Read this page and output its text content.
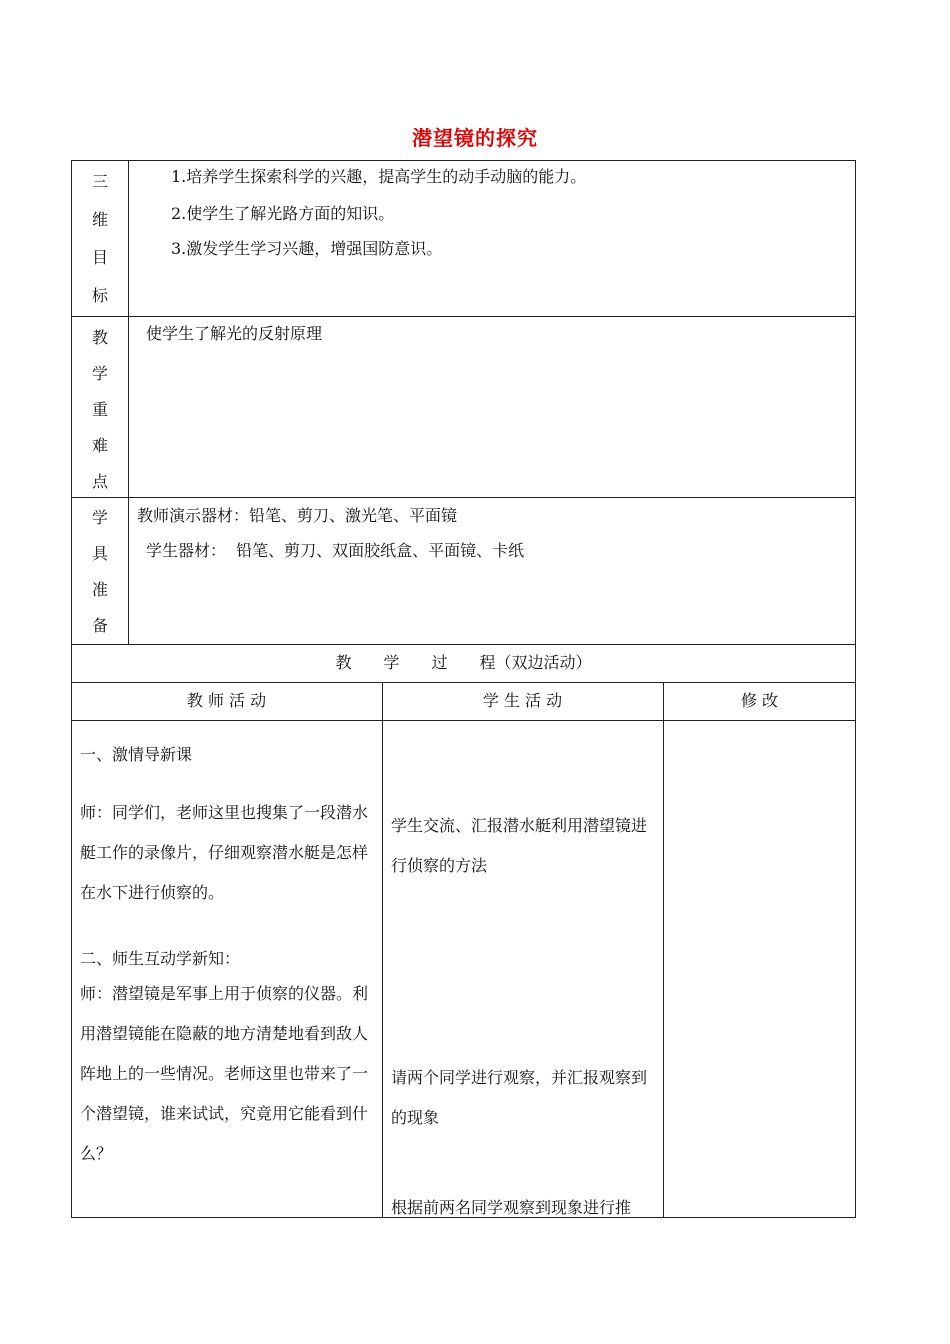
潜望镜的探究
三
维
目
标
1.培养学生探索科学的兴趣，提高学生的动手动脑的能力。
2.使学生了解光路方面的知识。
3.激发学生学习兴趣，增强国防意识。
教
学
重
难
点
使学生了解光的反射原理
学
具
准
备
教师演示器材：铅笔、剪刀、激光笔、平面镜
学生器材：  铅笔、剪刀、双面胶纸盒、平面镜、卡纸
教　　学　　过　　程（双边活动）
教 师 活 动	学 生 活 动	修 改
一、激情导新课
师：同学们，老师这里也搜集了一段潜水艇工作的录像片，仔细观察潜水艇是怎样在水下进行侦察的。
二、师生互动学新知：
师：潜望镜是军事上用于侦察的仪器。利用潜望镜能在隐蔽的地方清楚地看到敌人阵地上的一些情况。老师这里也带来了一个潜望镜，谁来试试，究竟用它能看到什么？
学生交流、汇报潜水艇利用潜望镜进行侦察的方法
请两个同学进行观察，并汇报观察到的现象
根据前两名同学观察到现象进行推
